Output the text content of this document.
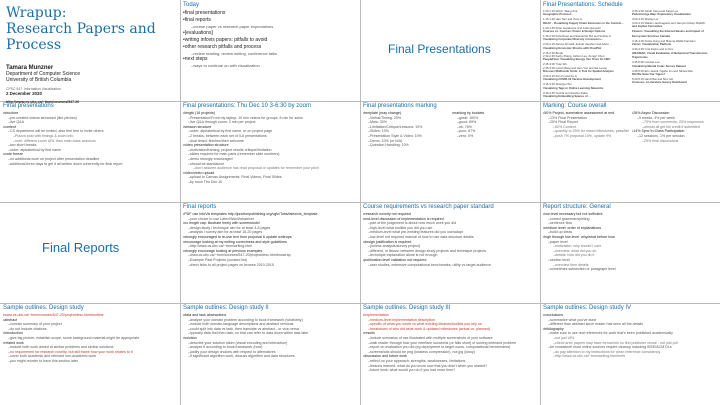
Wrapup:
Research Papers and Process
Tamara Munzner
Department of Computer Science
University of British Columbia
CPSC 547: Information Visualization
2 December 2020
http://www.cs.ubc.ca/~tmm/courses/547-20
Today
• final presentations
• final reports
– course paper vs research paper expectations
• [evaluations]
• writing infovis papers: pitfalls to avoid
• other research pitfalls and process
– review reading, review writing, conference talks
• next steps
– ways to continue on with visualization
Final Presentations
Final Presentations: Schedule
1:00-1:15 Robin, Wang Aria
Geographic Protocol...
1:15-1:30 Hao Tian and Yuan Li
RGAC - Visualizing Supply Chain Emissions in the Context...
1:30-1:45 Kiran Jeyakumar and Julia Quevedo
Courses vs. Courses: Power & Design Options
1:45-2:00 Kelsi Roan and Samantha Roi and Sophie Li
Visualizing Corporate Diversity in Investors...
2:00-2:15 Alireza Ahmadi, Zeinab Javaheri and Adam ...
Visualizing Economic Shocks with FlowPlot
2:15-2:30 Break
2:30-2:45 Kathy Zhang, Ashton Lee, Zongyi Chen
PeopleFlow: Visualizing Energy Use Trees for UBC
2:45-3:00 Yiran Wu
2:45-3:00 Colors Bisig and Hein Yuo and Sai Leung
Discover Multiscale Grids: A Tool for Spatial Analysis
3:00-3:15 Zan Fu and Ke Li
Visualizing COVID-19 Vaccine Development
3:15-3:30 Shangyu Wu
Visualizing Tags in Online Learning Networks
3:30-3:45 Yeohfa and Asrafun Zakar
Visualizing Embedding Spaces of ...
3:45-4:00 Sarah Jiang and Kaiya Leo
Pedestal Age Map: Exploratory Visualization
4:00-4:15 Shelley Lei
4:00-4:15 Maliam Jashuagasto and Jaeryan Kolayi Shabbir
and Jayden Fernandes
Flowers: Visualizing the Internet Basins and Impact of
Ecosystem Services Canada
4:15-4:30 Kristie Sung and Mianna Wabik Farnham
Zenon: Visualization Platform
4:30-4:45 Yuta Fujino and Jo Kim
GRAiMAE: Visual Evaluation of Behavioral Transmission
Trajectories
4:45-5:00 Lamwai Lee
Visualizing Mental Code: Survey Dataset
4:45-5:00 Erin Jewell, Ngahe Lin and Tahlea Meir
Did We Save Our Tigers?
5:00-5:15 Hanzi Bai and Sha Yeh
Ursmoco: A Literature Survey Dashboard
Final presentations
• structure
– pre-created videos streamed (like pitches)
– live Q&A
• content
– CS department will be invited, also feel free to invite others
– Piazza post with timings & zoom info
– note: different zoom URL than main class sessions
– two short breaks
– order: alphabetical by first name
• code freeze
– no additional work on project after presentation deadline
– additional three days to get it all written down coherently for final report
Final presentations: Thu Dec 10 3-6:30 by zoom
• length (16 projects)
– Presentation/Front my laptop: 10 min videos for groups, 8 min for solos
– live Q&A through zoom: 2 min per project
• session structure
– order: alphabetical by first name, or on project page
– 2 breaks, between each set of 5-6 presentations
– dual timed: finishes/then welcome
• video presentation structure
– motivation/framing, project results critique/limitation
– slides required for main parts (remember slide numbers)
– demo strongly encouraged
– should be standalone
– don't assume audience has read proposal or updates for remember your pitch
• video/video upload
– upload to Canvas Assignments: Final Videos, Final Slides
– by noon Thu Dec 10
Final presentations marking
• template (may change)
– Verbal/Timing: 20%
– Main: 30%
– Limitation/Critique/Lessons: 10%
– Slides: 10%
– Presentation Style & Video: 10%
– Demo: 10% (or N/A)
– Question Handling: 10%
• marking by buckets
– great: 100%
– good: 89%
– ok: 76%
– poor: 67%
– zero: 0%
Marking: Course overall
• 50% Project, summative assessment at end
– 13% Final Presentation
– 25% Final Report
– 60% Content
– quantity to 25% for mixed Milestones, pass/fail
– push 7% proposal 10%, update 9%
• 26% Async Discussion
– 9 weeks, 4% per week
– 75% from comments, 25% responses
– almost all get full credit if submitted
• 14% Sync In-Class Participation
– 12 sessions, 1% per session
– 25% final discussions
Final reports
• PDF use InfoVis templates http://junctionpublishing.org/vgtc/Tobs/latex/vis_template
– your choice to use Latex/Word/whatever
• no length cap: illustrate freely with screenshots!
– design study / technique aim for at least 4-8 pages
– analysis / survey aim for at least 15-20 pages
• strongly encouraged to re-use text from proposal & update writeups
• encourage looking at my writing correctness and style guidelines
– http://www.cs.ubc.ca/~tmm/writing.html
• strongly encourage looking at previous examples
– www.cs.ubc.ca/~tmm/courses/547-20/projectdesc.html#nowrap
– Example Past Projects (curated list)
– direct links to all project pages on browse 2010-2015
Course requirements vs research paper standard
• research novelty not required
• mid-level discussion of implementation is required
– part of the judgement is about how much work you did
– high-level what toolkits you did you use
– medium-level what pre-existing features did you use/adapt
– low-level not required manual of how to use data structure details
• design justification is required
– (unless analysis/survey project)
– different, in flavour between design study projects and technique projects
– technique explanation alone is not enough
• publication-level validation not required
– user studies, extensive computational benchmarks, utility vs target audience
Report structure: General
• low level necessary but not sufficient
– correct grammar/spelling
– sentence flow
• medium level: order of explanations
– build up ideas
• high through low level: why/what before how
– paper level
– motivation: why should I care
– overview: what did you do
– details: how did you do it
– section level
– overview then details
– sometimes subsection or paragraph level
Sample outlines: Design study
• www.cs.ubc.ca/~tmm/courses/547-20/projectdesc.html#outline
• abstract
– concise summary of your project
– do not include citations
• introduction
– give big picture, establish scope, some background material might be appropriate
• related work
– include both work aimed at similar problems and similar solutions
– no requirement for research novelty, but still frame how your work relates to it
– cover both academic and relevant non-academic work
– you might reorder to have this section later
Sample outlines: Design study II
• data and task abstractions
– analyze your domain problem according to book framework (what/why)
– include both domain-language descriptions and abstract versions
– could split into data vs task, then translate vs abstract - or vice-versa
– typically data first then task, so that can refer to data down within task later
• solution
– describe your solution idiom (visual encoding and interaction)
– analyze it according to book framework (how)
– justify your design choices with respect to alternatives
– if significant algorithm work, discuss algorithm and data structures
Sample outlines: Design study III
• implementation
– medium-level implementation description
– specific of what you wrote vs what existing libraries/toolkits you rely on
– breakdown of who did what work & updated milestones (actual vs. planned)
• results
– include scenarios of use illustrated with multiple screenshots of your software
– walk reader through how your interface succeeds (or falls short) of solving intended problem
– report on evaluation you did (eg deployment to target users, computational benchmarks)
– screenshots should be png (lossless compression), not jpg (lossy)
• discussion and future work
– reflect on your approach: strengths, weaknesses, limitations
– lessons learned: what do you know now that you didn't when you started?
– future work: what would you do if you had more time?
Sample outlines: Design study IV
• conclusions
– summarize what you've done
– different than abstract since reader has seen all the details
• bibliography
– make sure to use real references for work that's been published academically
– not just URL
– check arxiv papers may have formal link so find publisher venue - not just pdf
– be consistent! most online sources require cleanup including IEEE/ACM DLs
– do pay attention to my instructions for clean reference consistency
– http://www.cs.ubc.ca/~tmm/writing.html#refs
Final Reports
